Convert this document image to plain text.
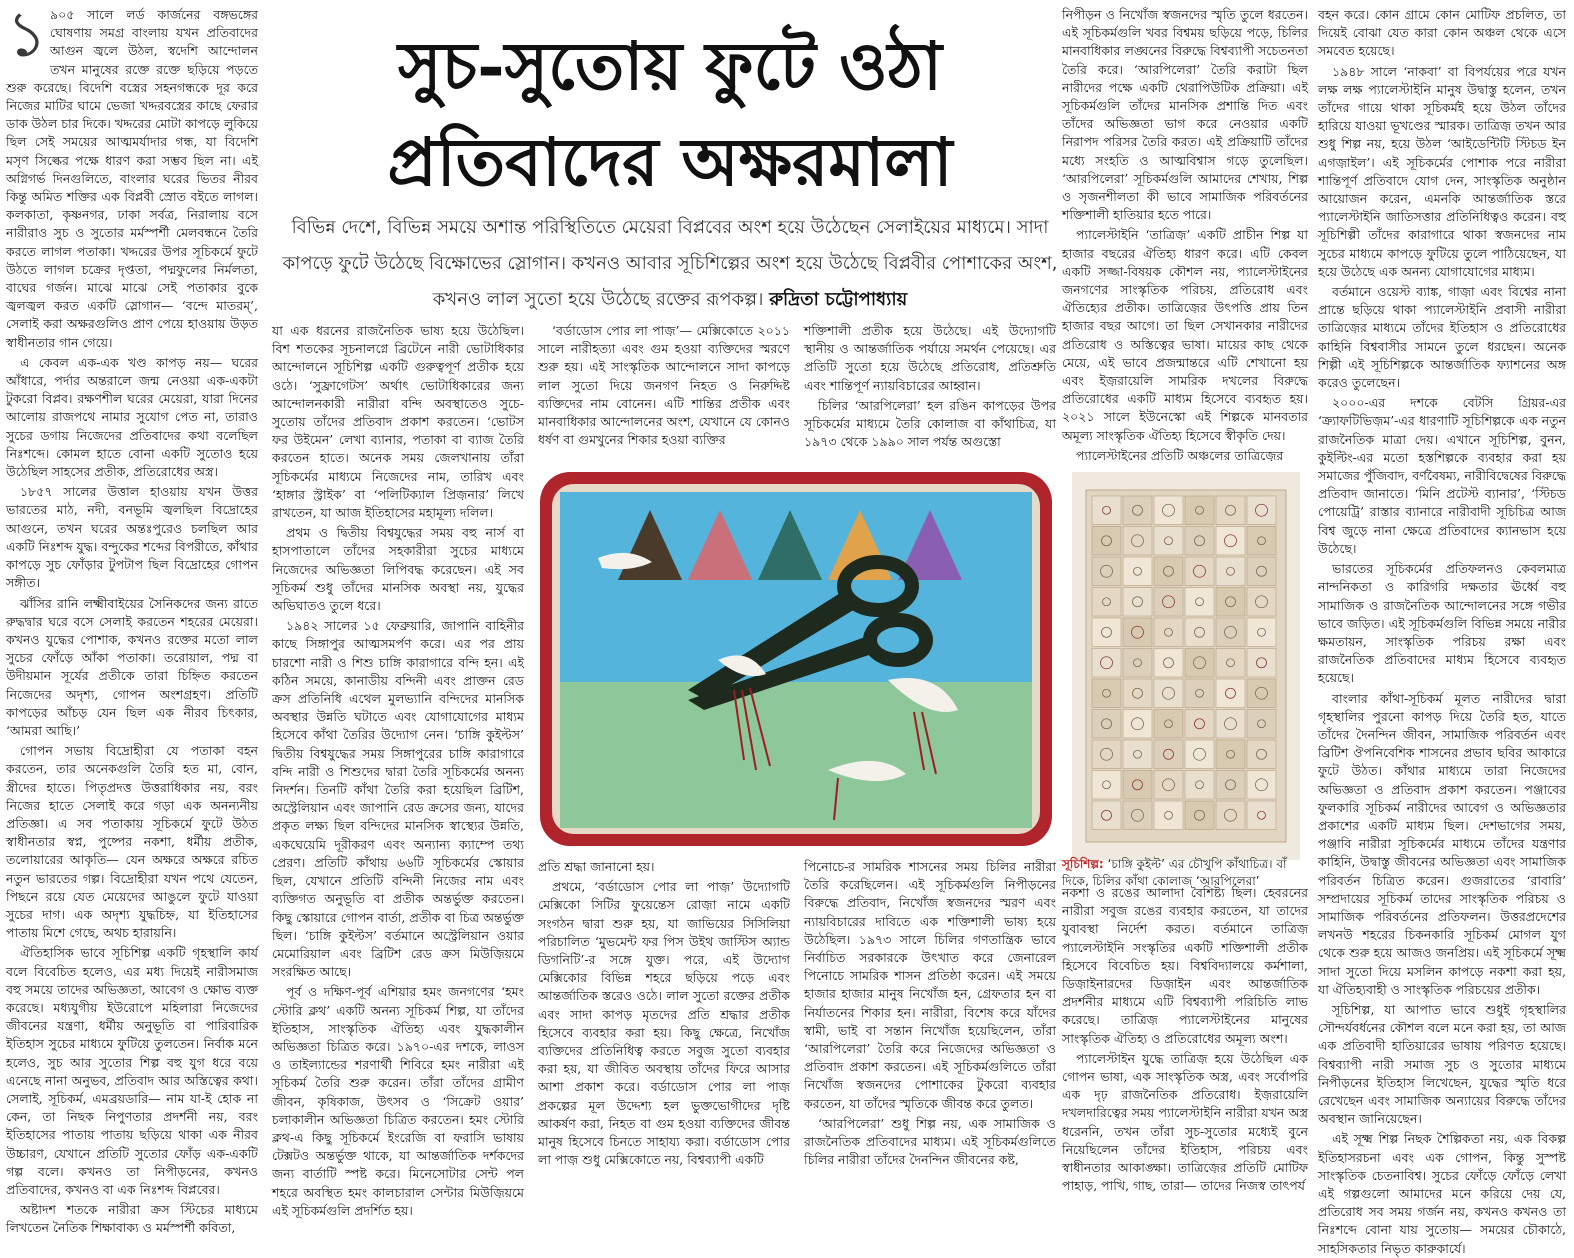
১ ৯০৫ সালে লর্ড কার্জনের বঙ্গভঙ্গের ঘোষণায় সমগ্র বাংলায় যখন প্রতিবাদের আগুন জ্বলে উঠল, স্বদেশি আন্দোলন তখন মানুষের রক্তে রক্তে ছড়িয়ে পড়তে শুরু করেছে। বিদেশি বস্ত্রের সহনগন্ধকে দূর করে নিজের মাটির ঘামে ভেজা খদ্দরবস্ত্রের কাছে ফেরার ডাক উঠল চার দিকে। খদ্দরের মোটা কাপড়ে লুকিয়ে ছিল সেই সময়ের আত্মমর্যাদার গন্ধ, যা বিদেশি মসৃণ সিল্কের পক্ষে ধারণ করা সম্ভব ছিল না। এই অগ্নিগর্ভ দিনগুলিতে, বাংলার ঘরের ভিতর নীরব কিন্তু অমিত শক্তির এক বিপ্লবী স্রোত বইতে লাগল। কলকাতা, কৃষ্ণনগর, ঢাকা সর্বত্র, নিরালায় বসে নারীরাও সুচ ও সুতোর মর্মস্পর্শী মেলবন্ধনে তৈরি করতে লাগল পতাকা। খদ্দরের উপর সূচিকর্মে ফুটে উঠতে লাগল চক্রের দৃপ্ততা, পদ্মফুলের নির্মলতা, বাঘের গর্জন। মাঝে মাঝে সেই পতাকার বুকে জ্বলজ্বল করত একটি স্লোগান— ‘বন্দে মাতরম্’, সেলাই করা অক্ষরগুলিও প্রাণ পেয়ে হাওয়ায় উড়ত স্বাধীনতার গান গেয়ে।

এ কেবল এক-এক খণ্ড কাপড় নয়— ঘরের আঁধারে, পর্দার অন্তরালে জন্ম নেওয়া এক-একটা টুকরো বিপ্লব। রক্ষণশীল ঘরের মেয়েরা, যারা দিনের আলোয় রাজপথে নামার সুযোগ পেত না, তারাও সুচের ডগায় নিজেদের প্রতিবাদের কথা বলেছিল নিঃশব্দে। কোমল হাতে বোনা একটি সুতোও হয়ে উঠেছিল সাহসের প্রতীক, প্রতিরোধের অস্ত্র।

১৮৫৭ সালের উত্তাল হাওয়ায় যখন উত্তর ভারতের মাঠ, নদী, বনভূমি জ্বলছিল বিদ্রোহের আগুনে, তখন ঘরের অন্তঃপুরেও চলছিল আর একটি নিঃশব্দ যুদ্ধ। বন্দুকের শব্দের বিপরীতে, কাঁথার কাপড়ে সুচ ফোঁড়ার টুপটাপ ছিল বিদ্রোহের গোপন সঙ্গীত।

ঝাঁসির রানি লক্ষ্মীবাইয়ের সৈনিকদের জন্য রাতে রুদ্ধদ্বার ঘরে বসে সেলাই করতেন শহরের মেয়েরা। কখনও যুদ্ধের পোশাক, কখনও রক্তের মতো লাল সুচের ফোঁড়ে আঁকা পতাকা। তরোয়াল, পদ্ম বা উদীয়মান সূর্যের প্রতীকে তারা চিহ্নিত করতেন নিজেদের অদৃশ্য, গোপন অংশগ্রহণ। প্রতিটি কাপড়ের আঁচড় যেন ছিল এক নীরব চিৎকার, ‘আমরা আছি।’

গোপন সভায় বিদ্রোহীরা যে পতাকা বহন করতেন, তার অনেকগুলি তৈরি হত মা, বোন, স্ত্রীদের হাতে। পিতৃপ্রদত্ত উত্তরাধিকার নয়, বরং নিজের হাতে সেলাই করে গড়া এক অনন্যনীয় প্রতিজ্ঞা। এ সব পতাকায় সূচিকর্মে ফুটে উঠত স্বাধীনতার স্বপ্ন, পুষ্পের নকশা, ধর্মীয় প্রতীক, তলোয়ারের আকৃতি— যেন অক্ষরে অক্ষরে রচিত নতুন ভারতের গল্প। বিদ্রোহীরা যখন পথে যেতেন, পিছনে রয়ে যেত মেয়েদের আঙুলে ফুটে যাওয়া সুচের দাগ। এক অদৃশ্য যুদ্ধচিহ্ন, যা ইতিহাসের পাতায় মিশে গেছে, অথচ হারায়নি।

ঐতিহাসিক ভাবে সূচিশিল্প একটি গৃহস্থালি কার্য বলে বিবেচিত হলেও, এর মধ্য দিয়েই নারীসমাজ বহু সময়ে তাদের অভিজ্ঞতা, আবেগ ও ক্ষোভ ব্যক্ত করেছে। মধ্যযুগীয় ইউরোপে মহিলারা নিজেদের জীবনের যন্ত্রণা, ধর্মীয় অনুভূতি বা পারিবারিক ইতিহাস সুচের মাধ্যমে ফুটিয়ে তুলতেন। নির্বাক মনে হলেও, সুচ আর সুতোর শিল্প বহু যুগ ধরে বয়ে এনেছে নানা অনুভব, প্রতিবাদ আর অস্তিত্বের কথা। সেলাই, সূচিকর্ম, এমব্রয়ডারি— নাম যা-ই হোক না কেন, তা নিছক নিপুণতার প্রদর্শনী নয়, বরং ইতিহাসের পাতায় পাতায় ছড়িয়ে থাকা এক নীরব উচ্চারণ, যেখানে প্রতিটি সুতোর ফোঁড় এক-একটি গল্প বলে। কখনও তা নিপীড়নের, কখনও প্রতিবাদের, কখনও বা এক নিঃশব্দ বিপ্লবের।

অষ্টাদশ শতকে নারীরা ক্রস স্টিচের মাধ্যমে লিখতেন নৈতিক শিক্ষাবাক্য ও মর্মস্পর্শী কবিতা,

সুচ-সুতোয় ফুটে ওঠা
প্রতিবাদের অক্ষরমালা
বিভিন্ন দেশে, বিভিন্ন সময়ে অশান্ত পরিস্থিতিতে মেয়েরা বিপ্লবের অংশ হয়ে উঠেছেন সেলাইয়ের মাধ্যমে। সাদা কাপড়ে ফুটে উঠেছে বিক্ষোভের স্লোগান। কখনও আবার সূচিশিল্পের অংশ হয়ে উঠেছে বিপ্লবীর পোশাকের অংশ, কখনও লাল সুতো হয়ে উঠেছে রক্তের রূপকল্প। রুদ্রিতা চট্টোপাধ্যায়

যা এক ধরনের রাজনৈতিক ভাষ্য হয়ে উঠেছিল। বিশ শতকের সূচনালগ্নে ব্রিটেনে নারী ভোটাধিকার আন্দোলনে সূচিশিল্প একটি গুরুত্বপূর্ণ প্রতীক হয়ে ওঠে। ‘সুফ্রাগেটস’ অর্থাৎ ভোটাধিকারের জন্য আন্দোলনকারী নারীরা বন্দি অবস্থাতেও সুচে-সুতোয় তাঁদের প্রতিবাদ প্রকাশ করতেন। ‘ভোটস ফর উইমেন’ লেখা ব্যানার, পতাকা বা ব্যাজ তৈরি করতেন হাতে। অনেক সময় জেলখানায় তাঁরা সূচিকর্মের মাধ্যমে নিজেদের নাম, তারিখ এবং ‘হাঙ্গার স্ট্রাইক’ বা ‘পলিটিক্যাল প্রিজ়নার’ লিখে রাখতেন, যা আজ ইতিহাসের মহামূল্য দলিল।

প্রথম ও দ্বিতীয় বিশ্বযুদ্ধের সময় বহু নার্স বা হাসপাতালে তাঁদের সহকারীরা সুচের মাধ্যমে নিজেদের অভিজ্ঞতা লিপিবদ্ধ করেছেন। এই সব সূচিকর্ম শুধু তাঁদের মানসিক অবস্থা নয়, যুদ্ধের অভিঘাতও তুলে ধরে।

১৯৪২ সালের ১৫ ফেব্রুয়ারি, জাপানি বাহিনীর কাছে সিঙ্গাপুর আত্মসমর্পণ করে। এর পর প্রায় চারশো নারী ও শিশু চাঙ্গি কারাগারে বন্দি হন। এই কঠিন সময়ে, কানাডীয় বন্দিনী এবং প্রাক্তন রেড ক্রস প্রতিনিধি এথেল মুলভ্যানি বন্দিদের মানসিক অবস্থার উন্নতি ঘটাতে এবং যোগাযোগের মাধ্যম হিসেবে কাঁথা তৈরির উদ্যোগ নেন। ‘চাঙ্গি কুইল্টস’ দ্বিতীয় বিশ্বযুদ্ধের সময় সিঙ্গাপুরের চাঙ্গি কারাগারে বন্দি নারী ও শিশুদের দ্বারা তৈরি সূচিকর্মের অনন্য নিদর্শন। তিনটি কাঁথা তৈরি করা হয়েছিল ব্রিটিশ, অস্ট্রেলিয়ান এবং জাপানি রেড ক্রসের জন্য, যাদের প্রকৃত লক্ষ্য ছিল বন্দিদের মানসিক স্বাস্থ্যের উন্নতি, একঘেয়েমি দূরীকরণ এবং অন্যান্য ক্যাম্পে তথ্য প্রেরণ। প্রতিটি কাঁথায় ৬৬টি সূচিকর্মের স্কোয়ার ছিল, যেখানে প্রতিটি বন্দিনী নিজের নাম এবং ব্যক্তিগত অনুভূতি বা প্রতীক অন্তর্ভুক্ত করতেন। কিছু স্কোয়ারে গোপন বার্তা, প্রতীক বা চিত্র অন্তর্ভুক্ত ছিল। ‘চাঙ্গি কুইল্টস’ বর্তমানে অস্ট্রেলিয়ান ওয়ার মেমোরিয়াল এবং ব্রিটিশ রেড ক্রস মিউজ়িয়মে সংরক্ষিত আছে।

পূর্ব ও দক্ষিণ-পূর্ব এশিয়ার হমং জনগণের ‘হমং স্টোরি ক্লথ’ একটি অনন্য সূচিকর্ম শিল্প, যা তাঁদের ইতিহাস, সাংস্কৃতিক ঐতিহ্য এবং যুদ্ধকালীন অভিজ্ঞতা চিত্রিত করে। ১৯৭০-এর দশকে, লাওস ও তাইল্যান্ডের শরণার্থী শিবিরে হমং নারীরা এই সূচিকর্ম তৈরি শুরু করেন। তাঁরা তাঁদের গ্রামীণ জীবন, কৃষিকাজ, উৎসব ও ‘সিক্রেট ওয়ার’ চলাকালীন অভিজ্ঞতা চিত্রিত করতেন। হমং স্টোরি ক্লথ-এ কিছু সূচিকর্মে ইংরেজি বা ফরাসি ভাষায় টেক্সটও অন্তর্ভুক্ত থাকে, যা আন্তর্জাতিক দর্শকদের জন্য বার্তাটি স্পষ্ট করে। মিনেসোটার সেন্ট পল শহরে অবস্থিত হমং কালচারাল সেন্টার মিউজ়িয়মে এই সূচিকর্মগুলি প্রদর্শিত হয়।

‘বর্ডাডোস পোর লা পাজ়’— মেক্সিকোতে ২০১১ সালে নারীহত্যা এবং গুম হওয়া ব্যক্তিদের স্মরণে শুরু হয়। এই সাংস্কৃতিক আন্দোলনে সাদা কাপড়ে লাল সুতো দিয়ে জনগণ নিহত ও নিরুদ্দিষ্ট ব্যক্তিদের নাম বোনেন। এটি শান্তির প্রতীক এবং মানবাধিকার আন্দোলনের অংশ, যেখানে যে কোনও ধর্ষণ বা গুমখুনের শিকার হওয়া ব্যক্তির

শক্তিশালী প্রতীক হয়ে উঠেছে। এই উদ্যোগটি স্থানীয় ও আন্তর্জাতিক পর্যায়ে সমর্থন পেয়েছে। এর প্রতিটি সুতো হয়ে উঠেছে প্রতিরোধ, প্রতিশ্রুতি এবং শান্তিপূর্ণ ন্যায়বিচারের আহ্বান।

চিলির ‘আরপিলেরা’ হল রঙিন কাপড়ের উপর সূচিকর্মের মাধ্যমে তৈরি কোলাজ বা কাঁথাচিত্র, যা ১৯৭৩ থেকে ১৯৯০ সাল পর্যন্ত অগুস্তো

প্রতি শ্রদ্ধা জানানো হয়।

প্রথমে, ‘বর্ডাডোস পোর লা পাজ়’ উদ্যোগটি মেক্সিকো সিটির ফুয়েন্তেস রোজ়া নামে একটি সংগঠন দ্বারা শুরু হয়, যা জাভিয়ের সিসিলিয়া পরিচালিত ‘মুভমেন্ট ফর পিস উইথ জাস্টিস অ্যান্ড ডিগনিটি’-র সঙ্গে যুক্ত। পরে, এই উদ্যোগ মেক্সিকোর বিভিন্ন শহরে ছড়িয়ে পড়ে এবং আন্তর্জাতিক স্তরেও ওঠে। লাল সুতো রক্তের প্রতীক এবং সাদা কাপড় মৃতদের প্রতি শ্রদ্ধার প্রতীক হিসেবে ব্যবহার করা হয়। কিছু ক্ষেত্রে, নিখোঁজ ব্যক্তিদের প্রতিনিধিত্ব করতে সবুজ সুতো ব্যবহার করা হয়, যা জীবিত অবস্থায় তাঁদের ফিরে আসার আশা প্রকাশ করে। বর্ডাডোস পোর লা পাজ় প্রকল্পের মূল উদ্দেশ্য হল ভুক্তভোগীদের দৃষ্টি আকর্ষণ করা, নিহত বা গুম হওয়া ব্যক্তিদের জীবন্ত মানুষ হিসেবে চিনতে সাহায্য করা। বর্ডাডোস পোর লা পাজ় শুধু মেক্সিকোতে নয়, বিশ্বব্যাপী একটি

পিনোচে-র সামরিক শাসনের সময় চিলির নারীরা তৈরি করেছিলেন। এই সূচিকর্মগুলি নিপীড়নের বিরুদ্ধে প্রতিবাদ, নিখোঁজ স্বজনদের স্মরণ এবং ন্যায়বিচারের দাবিতে এক শক্তিশালী ভাষ্য হয়ে উঠেছিল। ১৯৭৩ সালে চিলির গণতান্ত্রিক ভাবে নির্বাচিত সরকারকে উৎখাত করে জেনারেল পিনোচে সামরিক শাসন প্রতিষ্ঠা করেন। এই সময়ে হাজার হাজার মানুষ নিখোঁজ হন, গ্রেফতার হন বা নির্যাতনের শিকার হন। নারীরা, বিশেষ করে যাঁদের স্বামী, ভাই বা সন্তান নিখোঁজ হয়েছিলেন, তাঁরা ‘আরপিলেরা’ তৈরি করে নিজেদের অভিজ্ঞতা ও প্রতিবাদ প্রকাশ করতেন। এই সূচিকর্মগুলিতে তাঁরা নিখোঁজ স্বজনদের পোশাকের টুকরো ব্যবহার করতেন, যা তাঁদের স্মৃতিকে জীবন্ত করে তুলত।

‘আরপিলেরা’ শুধু শিল্প নয়, এক সামাজিক ও রাজনৈতিক প্রতিবাদের মাধ্যম। এই সূচিকর্মগুলিতে চিলির নারীরা তাঁদের দৈনন্দিন জীবনের কষ্ট,

নিপীড়ন ও নিখোঁজ স্বজনদের স্মৃতি তুলে ধরতেন। এই সূচিকর্মগুলি খবর বিশ্বময় ছড়িয়ে পড়ে, চিলির মানবাধিকার লঙ্ঘনের বিরুদ্ধে বিশ্বব্যাপী সচেতনতা তৈরি করে। ‘আরপিলেরা’ তৈরি করাটা ছিল নারীদের পক্ষে একটি থেরাপিউটিক প্রক্রিয়া। এই সূচিকর্মগুলি তাঁদের মানসিক প্রশান্তি দিত এবং তাঁদের অভিজ্ঞতা ভাগ করে নেওয়ার একটি নিরাপদ পরিসর তৈরি করত। এই প্রক্রিয়াটি তাঁদের মধ্যে সংহতি ও আত্মবিশ্বাস গড়ে তুলেছিল। ‘আরপিলেরা’ সূচিকর্মগুলি আমাদের শেখায়, শিল্প ও সৃজনশীলতা কী ভাবে সামাজিক পরিবর্তনের শক্তিশালী হাতিয়ার হতে পারে।

প্যালেস্টাইনি ‘তাত্রিজ়’ একটি প্রাচীন শিল্প যা হাজার বছরের ঐতিহ্য ধারণ করে। এটি কেবল একটি সজ্জা-বিষয়ক কৌশল নয়, প্যালেস্টাইনের জনগণের সাংস্কৃতিক পরিচয়, প্রতিরোধ এবং ঐতিহ্যের প্রতীক। তাত্রিজ়ের উৎপত্তি প্রায় তিন হাজার বছর আগে। তা ছিল সেখানকার নারীদের প্রতিরোধ ও অস্তিত্বের ভাষা। মায়ের কাছ থেকে মেয়ে, এই ভাবে প্রজন্মান্তরে এটি শেখানো হয় এবং ইজ়রায়েলি সামরিক দখলের বিরুদ্ধে প্রতিরোধের একটি মাধ্যম হিসেবে ব্যবহৃত হয়। ২০২১ সালে ইউনেস্কো এই শিল্পকে মানবতার অমূল্য সাংস্কৃতিক ঐতিহ্য হিসেবে স্বীকৃতি দেয়।

প্যালেস্টাইনের প্রতিটি অঞ্চলের তাত্রিজ়ের

সূচিশিল্প: ‘চাঙ্গি কুইল্ট’ এর চৌখুপি কাঁথাচিত্র। বাঁ দিকে, চিলির কাঁথা কোলাজ ‘আরপিলেরা’

নকশা ও রঙের আলাদা বৈশিষ্ট্য ছিল। হেবরনের নারীরা সবুজ রঙের ব্যবহার করতেন, যা তাদের যুবাবস্থা নির্দেশ করত। বর্তমানে তাত্রিজ় প্যালেস্টাইনি সংস্কৃতির একটি শক্তিশালী প্রতীক হিসেবে বিবেচিত হয়। বিশ্ববিদ্যালয়ে কর্মশালা, ডিজ়াইনারদের ডিজ়াইন এবং আন্তর্জাতিক প্রদর্শনীর মাধ্যমে এটি বিশ্বব্যাপী পরিচিতি লাভ করেছে। তাত্রিজ় প্যালেস্টাইনের মানুষের সাংস্কৃতিক ঐতিহ্য ও প্রতিরোধের অমূল্য অংশ।

প্যালেস্টাইন যুদ্ধে তাত্রিজ় হয়ে উঠেছিল এক গোপন ভাষা, এক সাংস্কৃতিক অস্ত্র, এবং সর্বোপরি এক দৃঢ় রাজনৈতিক প্রতিরোধ। ইজ়রায়েলি দখলদারিত্বের সময় প্যালেস্টাইনি নারীরা যখন অস্ত্র ধরেননি, তখন তাঁরা সুচ-সুতোর মধ্যেই বুনে নিয়েছিলেন তাঁদের ইতিহাস, পরিচয় এবং স্বাধীনতার আকাঙ্ক্ষা। তাত্রিজ়ের প্রতিটি মোটিফ পাহাড়, পাখি, গাছ, তারা— তাদের নিজস্ব তাৎপর্য

বহন করে। কোন গ্রামে কোন মোটিফ প্রচলিত, তা দিয়েই বোঝা যেত কারা কোন অঞ্চল থেকে এসে সমবেত হয়েছে।

১৯৪৮ সালে ‘নাকবা’ বা বিপর্যয়ের পরে যখন লক্ষ লক্ষ প্যালেস্টাইনি মানুষ উদ্বাস্তু হলেন, তখন তাঁদের গায়ে থাকা সূচিকর্মই হয়ে উঠল তাঁদের হারিয়ে যাওয়া ভূখণ্ডের স্মারক। তাত্রিজ় তখন আর শুধু শিল্প নয়, হয়ে উঠল ‘আইডেন্টিটি স্টিচড ইন এগজ়াইল’। এই সূচিকর্মের পোশাক পরে নারীরা শান্তিপূর্ণ প্রতিবাদে যোগ দেন, সাংস্কৃতিক অনুষ্ঠান আয়োজন করেন, এমনকি আন্তর্জাতিক স্তরে প্যালেস্টাইনি জাতিসত্তার প্রতিনিধিত্বও করেন। বহু সূচিশিল্পী তাঁদের কারাগারে থাকা স্বজনদের নাম সুচের মাধ্যমে কাপড়ে ফুটিয়ে তুলে পাঠিয়েছেন, যা হয়ে উঠেছে এক অনন্য যোগাযোগের মাধ্যম।

বর্তমানে ওয়েস্ট ব্যাঙ্ক, গাজ়া এবং বিশ্বের নানা প্রান্তে ছড়িয়ে থাকা প্যালেস্টাইনি প্রবাসী নারীরা তাত্রিজ়ের মাধ্যমে তাঁদের ইতিহাস ও প্রতিরোধের কাহিনি বিশ্ববাসীর সামনে তুলে ধরছেন। অনেক শিল্পী এই সূচিশিল্পকে আন্তর্জাতিক ফ্যাশনের অঙ্গ করেও তুলেছেন।

২০০০-এর দশকে বেটসি গ্রিয়র-এর ‘ক্র্যাফটিভিজ়ম’-এর ধারণাটি সূচিশিল্পকে এক নতুন রাজনৈতিক মাত্রা দেয়। এখানে সূচিশিল্প, বুনন, কুইল্টিং-এর মতো হস্তশিল্পকে ব্যবহার করা হয় সমাজের পুঁজিবাদ, বর্ণবৈষম্য, নারীবিদ্বেষের বিরুদ্ধে প্রতিবাদ জানাতে। ‘মিনি প্রটেস্ট ব্যানার’, ‘স্টিচড পোয়েট্রি’ রাস্তার ব্যানারে নারীবাদী সূচিচিত্র আজ বিশ্ব জুড়ে নানা ক্ষেত্রে প্রতিবাদের ক্যানভাস হয়ে উঠেছে।

ভারতের সূচিকর্মের প্রতিফলনও কেবলমাত্র নান্দনিকতা ও কারিগরি দক্ষতার ঊর্ধ্বে বহু সামাজিক ও রাজনৈতিক আন্দোলনের সঙ্গে গভীর ভাবে জড়িত। এই সূচিকর্মগুলি বিভিন্ন সময়ে নারীর ক্ষমতায়ন, সাংস্কৃতিক পরিচয় রক্ষা এবং রাজনৈতিক প্রতিবাদের মাধ্যম হিসেবে ব্যবহৃত হয়েছে।

বাংলার কাঁথা-সূচিকর্ম মূলত নারীদের দ্বারা গৃহস্থালির পুরনো কাপড় দিয়ে তৈরি হত, যাতে তাঁদের দৈনন্দিন জীবন, সামাজিক পরিবর্তন এবং ব্রিটিশ ঔপনিবেশিক শাসনের প্রভাব ছবির আকারে ফুটে উঠত। কাঁথার মাধ্যমে তারা নিজেদের অভিজ্ঞতা ও প্রতিবাদ প্রকাশ করতেন। পঞ্জাবের ফুলকারি সূচিকর্ম নারীদের আবেগ ও অভিজ্ঞতার প্রকাশের একটি মাধ্যম ছিল। দেশভাগের সময়, পঞ্জাবি নারীরা সূচিকর্মের মাধ্যমে তাঁদের যন্ত্রণার কাহিনি, উদ্বাস্তু জীবনের অভিজ্ঞতা এবং সামাজিক পরিবর্তন চিত্রিত করেন। গুজরাতের ‘রাবারি’ সম্প্রদায়ের সূচিকর্ম তাদের সাংস্কৃতিক পরিচয় ও সামাজিক পরিবর্তনের প্রতিফলন। উত্তরপ্রদেশের লখনউ শহরের চিকনকারি সূচিকর্ম মোগল যুগ থেকে শুরু হয়ে আজও জনপ্রিয়। এই সূচিকর্মে সূক্ষ্ম সাদা সুতো দিয়ে মসলিন কাপড়ে নকশা করা হয়, যা ঐতিহ্যবাহী ও সাংস্কৃতিক পরিচয়ের প্রতীক।

সূচিশিল্প, যা আপাত ভাবে শুধুই গৃহস্থালির সৌন্দর্যবর্ধনের কৌশল বলে মনে করা হয়, তা আজ এক প্রতিবাদী হাতিয়ারের ভাষায় পরিণত হয়েছে। বিশ্বব্যাপী নারী সমাজ সুচ ও সুতোর মাধ্যমে নিপীড়নের ইতিহাস লিখেছেন, যুদ্ধের স্মৃতি ধরে রেখেছেন এবং সামাজিক অন্যায়ের বিরুদ্ধে তাঁদের অবস্থান জানিয়েছেন।

এই সূক্ষ্ম শিল্প নিছক শৈল্পিকতা নয়, এক বিকল্প ইতিহাসরচনা এবং এক গোপন, কিন্তু সুস্পষ্ট সাংস্কৃতিক চেতনাবিশ্ব। সুচের ফোঁড়ে ফোঁড়ে লেখা এই গল্পগুলো আমাদের মনে করিয়ে দেয় যে, প্রতিরোধ সব সময় গর্জন নয়, কখনও কখনও তা নিঃশব্দে বোনা যায় সুতোয়— সময়ের চৌকাঠে, সাহসিকতার নিভৃত কারুকার্যে।
